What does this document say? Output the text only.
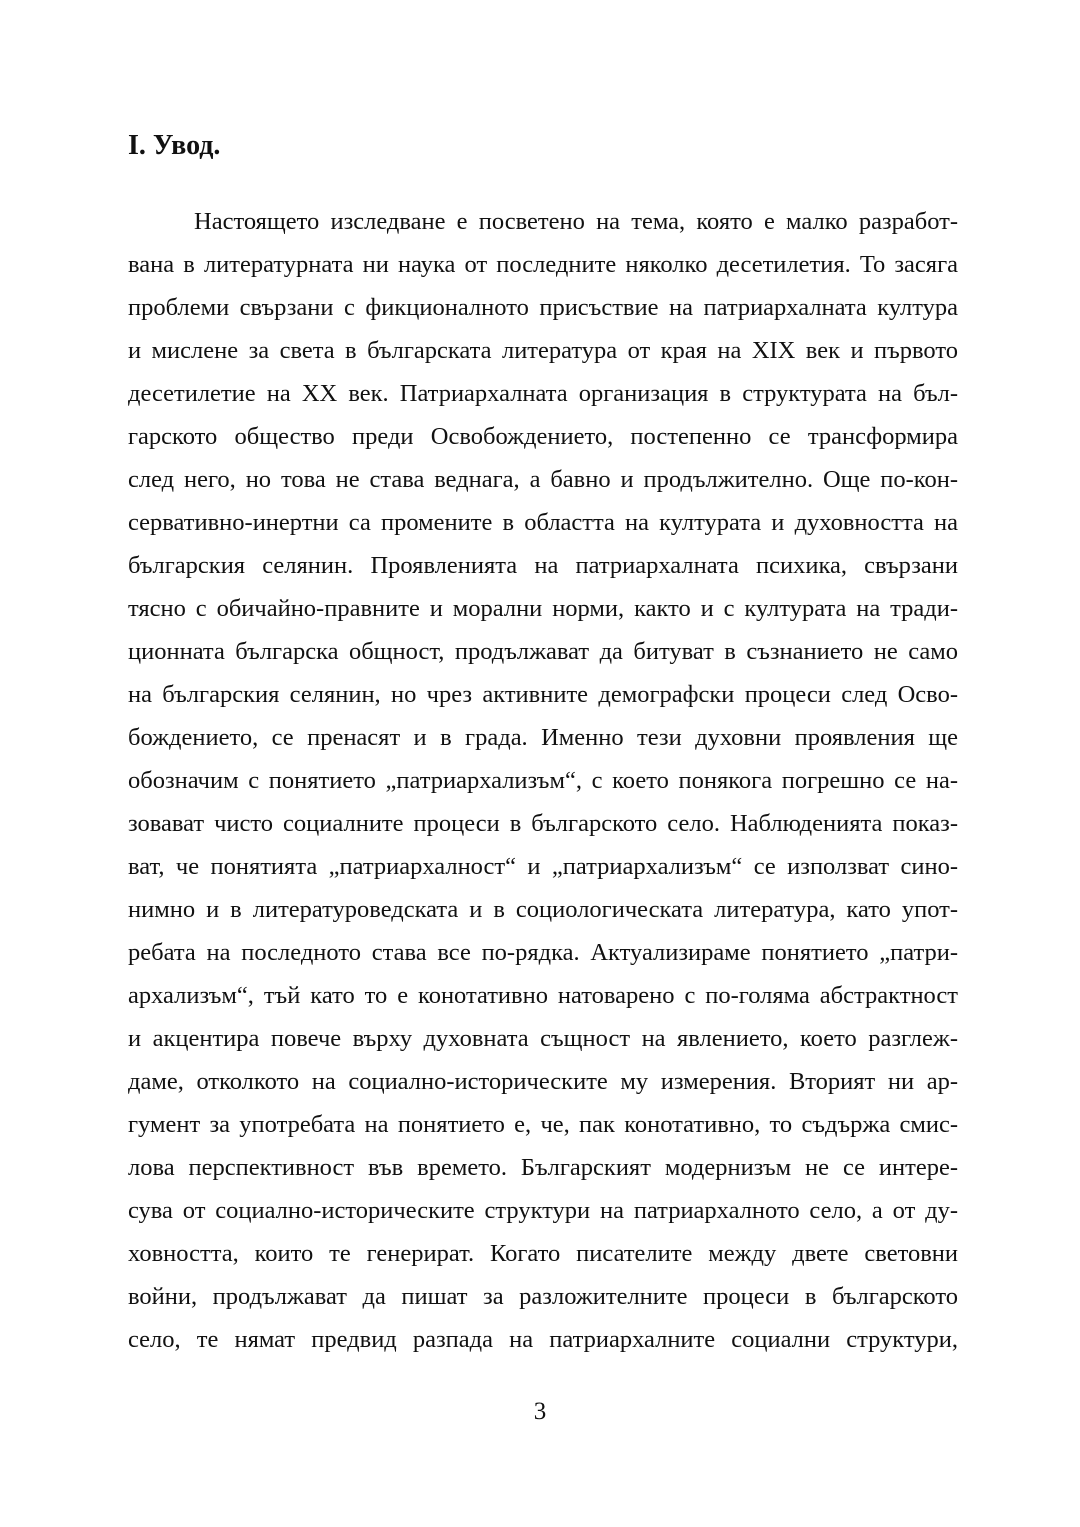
I. Увод.
Настоящето изследване е посветено на тема, която е малко разработ-
вана в литературната ни наука от последните няколко десетилетия. То засяга
проблеми свързани с фикционалното присъствие на патриархалната култура
и мислене за света в българската литература от края на XIX век и първото
десетилетие на XX век. Патриархалната организация в структурата на бъл-
гарското общество преди Освобождението, постепенно се трансформира
след него, но това не става веднага, а бавно и продължително. Още по-кон-
сервативно-инертни са промените в областта на културата и духовността на
българския селянин. Проявленията на патриархалната психика, свързани
тясно с обичайно-правните и морални норми, както и с културата на тради-
ционната българска общност, продължават да битуват в съзнанието не само
на българския селянин, но чрез активните демографски процеси след Осво-
бождението, се пренасят и в града. Именно тези духовни проявления ще
обозначим с понятието „патриархализъм“, с което понякога погрешно се на-
зовават чисто социалните процеси в българското село. Наблюденията показ-
ват, че понятията „патриархалност“ и „патриархализъм“ се използват сино-
нимно и в литературоведската и в социологическата литература, като упот-
ребата на последното става все по-рядка. Актуализираме понятието „патри-
архализъм“, тъй като то е конотативно натоварено с по-голяма абстрактност
и акцентира повече върху духовната същност на явлението, което разглеж-
даме, отколкото на социално-историческите му измерения. Вторият ни ар-
гумент за употребата на понятието е, че, пак конотативно, то съдържа смис-
лова перспективност във времето. Българският модернизъм не се интере-
сува от социално-историческите структури на патриархалното село, а от ду-
ховността, които те генерират. Когато писателите между двете световни
войни, продължават да пишат за разложителните процеси в българското
село, те нямат предвид разпада на патриархалните социални структури,
3
